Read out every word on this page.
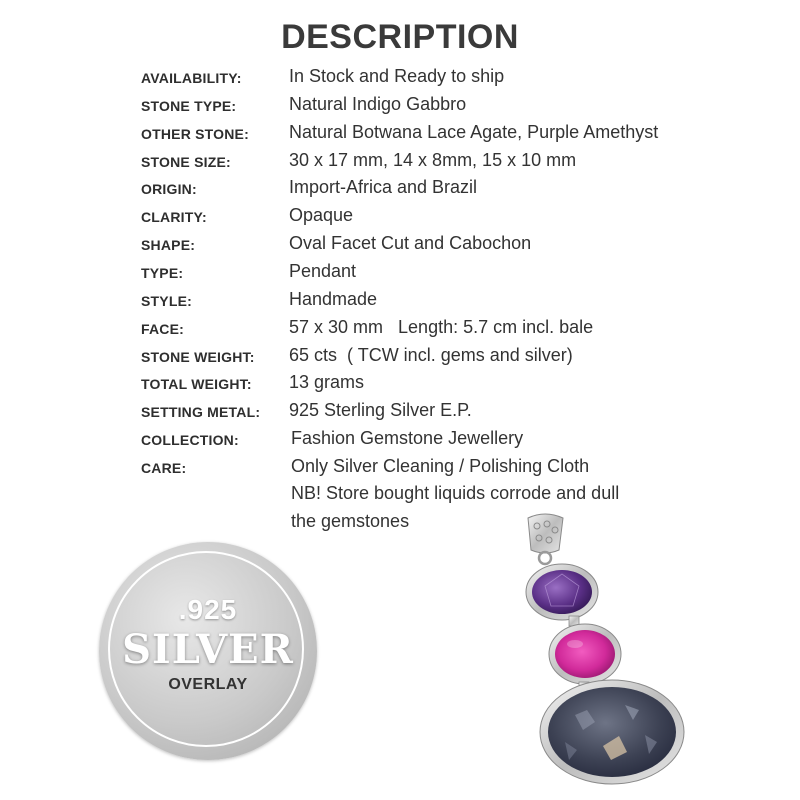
DESCRIPTION
AVAILABILITY:	In Stock and Ready to ship
STONE TYPE:	Natural Indigo Gabbro
OTHER STONE: Natural Botwana Lace Agate, Purple Amethyst
STONE SIZE:	30 x 17 mm, 14 x 8mm, 15 x 10 mm
ORIGIN:	Import-Africa and Brazil
CLARITY:	Opaque
SHAPE:	Oval Facet Cut and Cabochon
TYPE:	Pendant
STYLE:	Handmade
FACE:	57 x 30 mm   Length: 5.7 cm incl. bale
STONE WEIGHT: 65 cts  ( TCW incl. gems and silver)
TOTAL WEIGHT: 13 grams
SETTING METAL: 925 Sterling Silver E.P.
COLLECTION:	Fashion Gemstone Jewellery
CARE:	Only Silver Cleaning / Polishing Cloth
NB! Store bought liquids corrode and dull
the gemstones
.925
SILVER
OVERLAY
